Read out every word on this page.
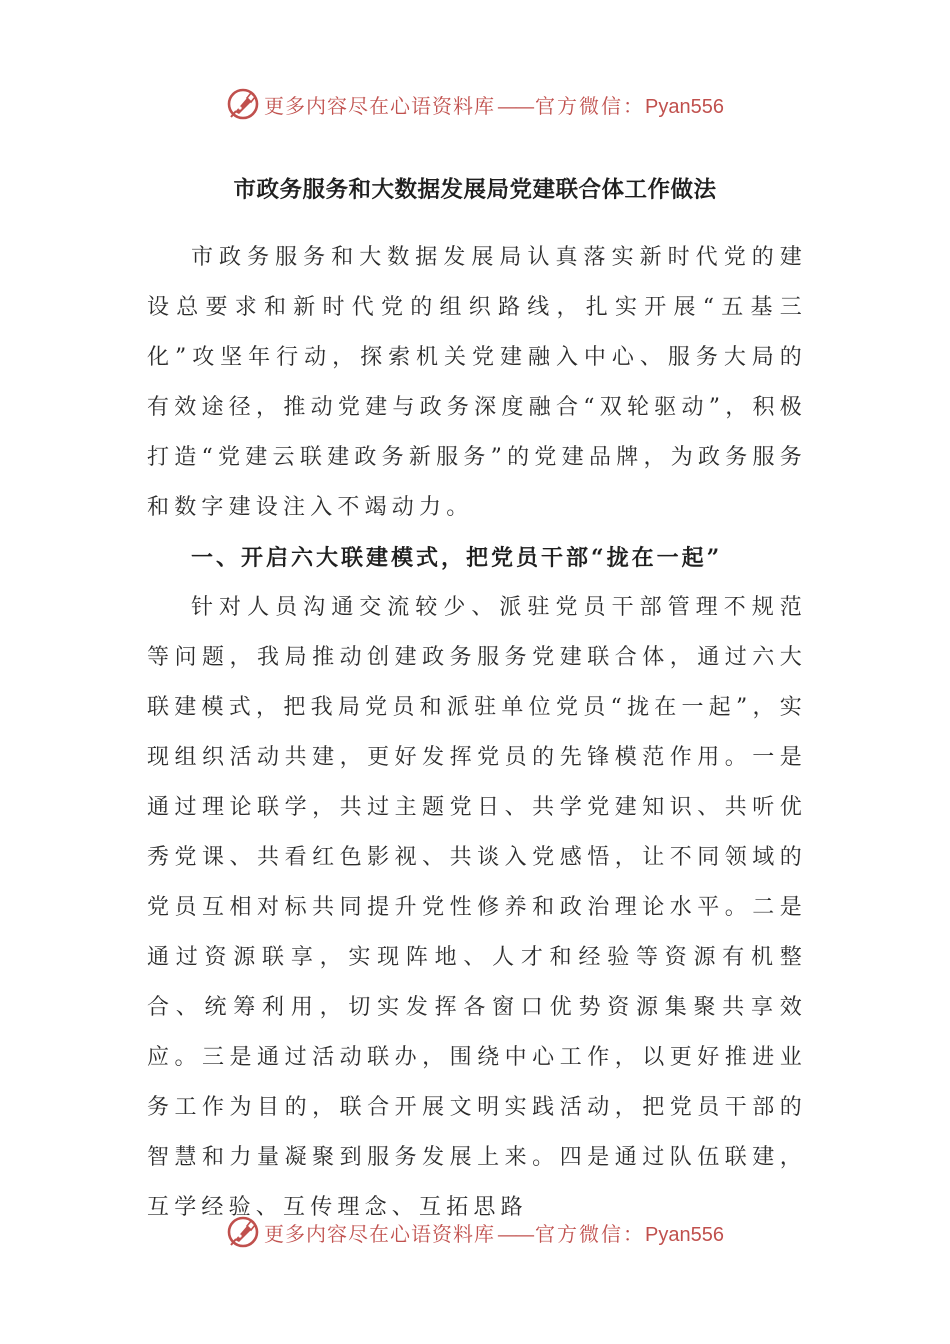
更多内容尽在心语资料库 —— 官方微信：Pyan556
市政务服务和大数据发展局党建联合体工作做法

市政务服务和大数据发展局认真落实新时代党的建设总要求和新时代党的组织路线，扎实开展“五基三化”攻坚年行动，探索机关党建融入中心、服务大局的有效途径，推动党建与政务深度融合“双轮驱动”，积极打造“党建云联建政务新服务”的党建品牌，为政务服务和数字建设注入不竭动力。

一、开启六大联建模式，把党员干部“拢在一起”

针对人员沟通交流较少、派驻党员干部管理不规范等问题，我局推动创建政务服务党建联合体，通过六大联建模式，把我局党员和派驻单位党员“拢在一起”，实现组织活动共建，更好发挥党员的先锋模范作用。一是通过理论联学，共过主题党日、共学党建知识、共听优秀党课、共看红色影视、共谈入党感悟，让不同领域的党员互相对标共同提升党性修养和政治理论水平。二是通过资源联享，实现阵地、人才和经验等资源有机整合、统筹利用，切实发挥各窗口优势资源集聚共享效应。三是通过活动联办，围绕中心工作，以更好推进业务工作为目的，联合开展文明实践活动，把党员干部的智慧和力量凝聚到服务发展上来。四是通过队伍联建，互学经验、互传理念、互拓思路

更多内容尽在心语资料库 —— 官方微信：Pyan556
